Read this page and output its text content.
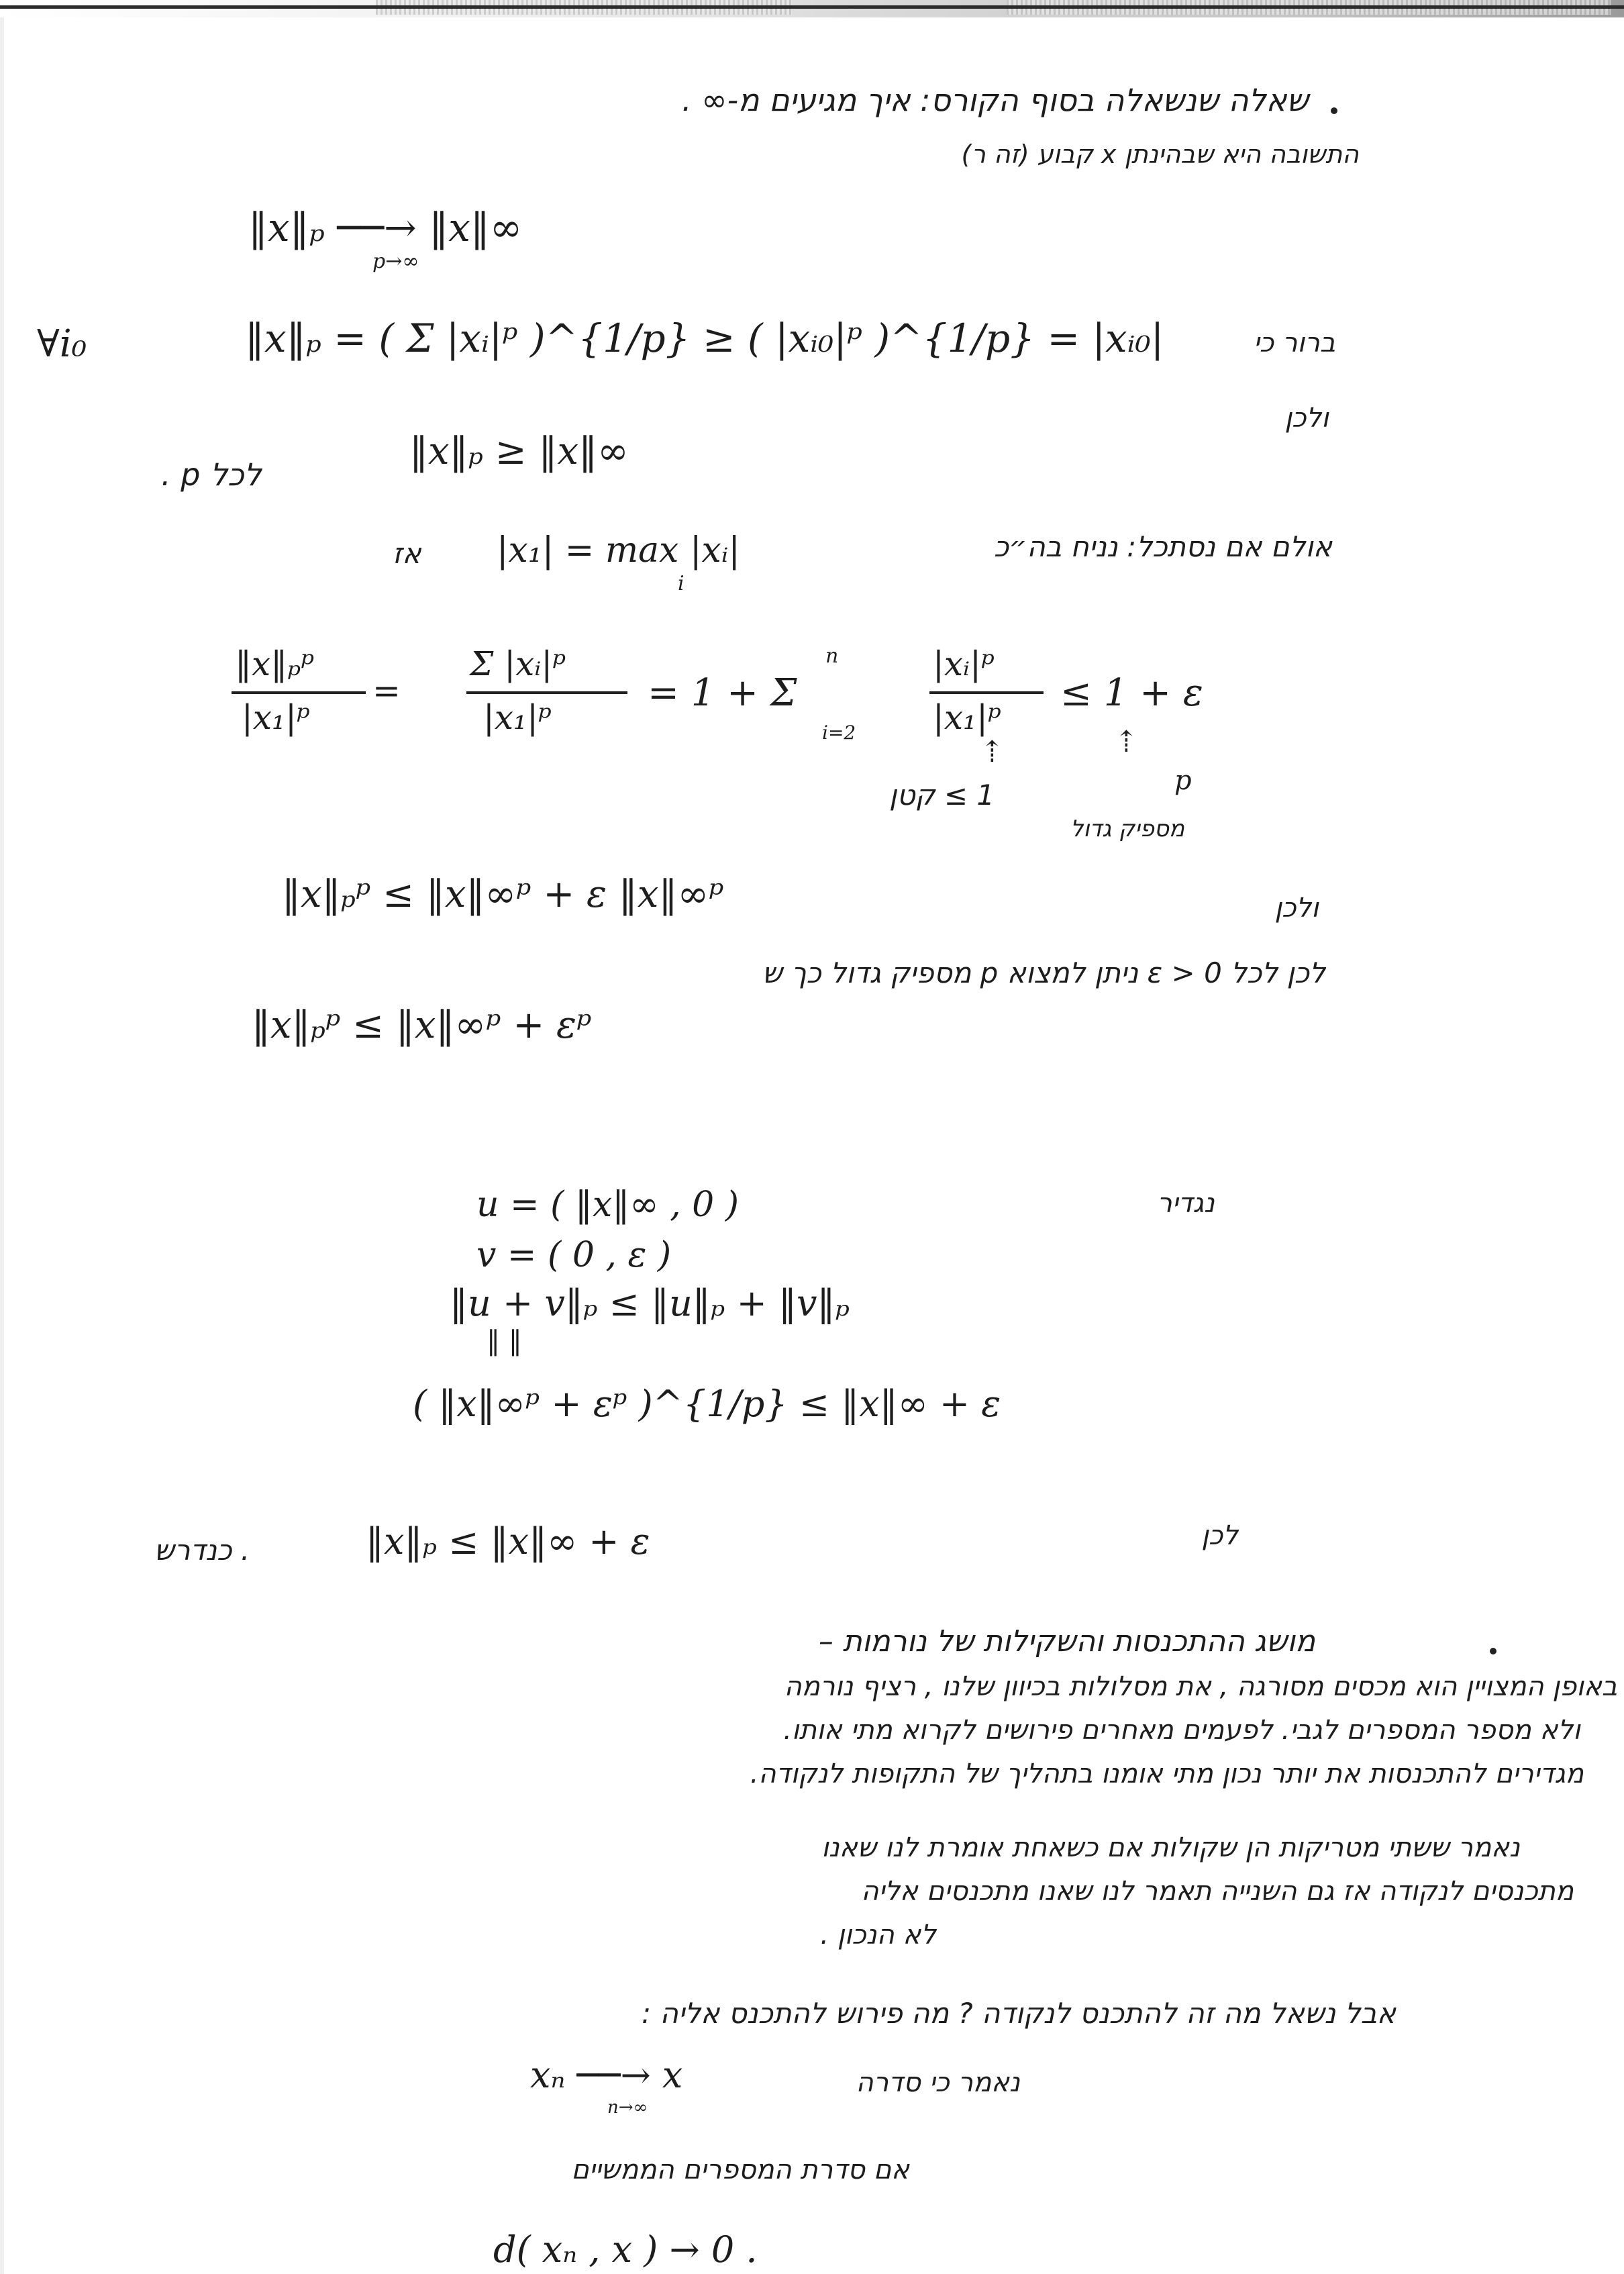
שאלה שנשאלה בסוף הקורס: איך מגיעים מ-∞ .
התשובה היא שבהינתן x קבוע (זה ר)
‖x‖ₚ ──→ ‖x‖∞
p→∞
∀i₀	‖x‖ₚ = ( Σ |xᵢ|ᵖ )^{1/p} ≥ ( |xᵢ₀|ᵖ )^{1/p} = |xᵢ₀|	ברור כי
ולכן
‖x‖ₚ ≥ ‖x‖∞
. p לכל
אולם אם נסתכל: נניח בה״כ
|x₁| = max |xᵢ|
i
אז
‖x‖ₚᵖ
|x₁|ᵖ
=
Σ |xᵢ|ᵖ
|x₁|ᵖ
= 1 + Σ
n
i=2
|xᵢ|ᵖ
|x₁|ᵖ
≤ 1 + ε
⇡	⇡
1 ≥ קטן	p
מספיק גדול
ולכן
‖x‖ₚᵖ ≤ ‖x‖∞ᵖ + ε ‖x‖∞ᵖ
לכן לכל ε > 0 ניתן למצוא p מספיק גדול כך ש
‖x‖ₚᵖ ≤ ‖x‖∞ᵖ + εᵖ
נגדיר
u = ( ‖x‖∞ , 0 )
v = ( 0 , ε )
‖u + v‖ₚ ≤ ‖u‖ₚ + ‖v‖ₚ
‖ ‖
( ‖x‖∞ᵖ + εᵖ )^{1/p} ≤ ‖x‖∞ + ε
לכן
‖x‖ₚ ≤ ‖x‖∞ + ε
. כנדרש
מושג ההתכנסות והשקילות של נורמות –
באופן המצויין הוא מכסים מסורגה , את מסלולות בכיוון שלנו , רציף נורמה
ולא מספר המספרים לגבי. לפעמים מאחרים פירושים לקרוא מתי אותו.
מגדירים להתכנסות את יותר נכון מתי אומנו בתהליך של התקופות לנקודה.
נאמר ששתי מטריקות הן שקולות אם כשאחת אומרת לנו שאנו
מתכנסים לנקודה אז גם השנייה תאמר לנו שאנו מתכנסים אליה
לא הנכון .
אבל נשאל מה זה להתכנס לנקודה ? מה פירוש להתכנס אליה :
נאמר כי סדרה
xₙ ──→ x
n→∞
אם סדרת המספרים הממשיים
d( xₙ , x ) → 0 .
